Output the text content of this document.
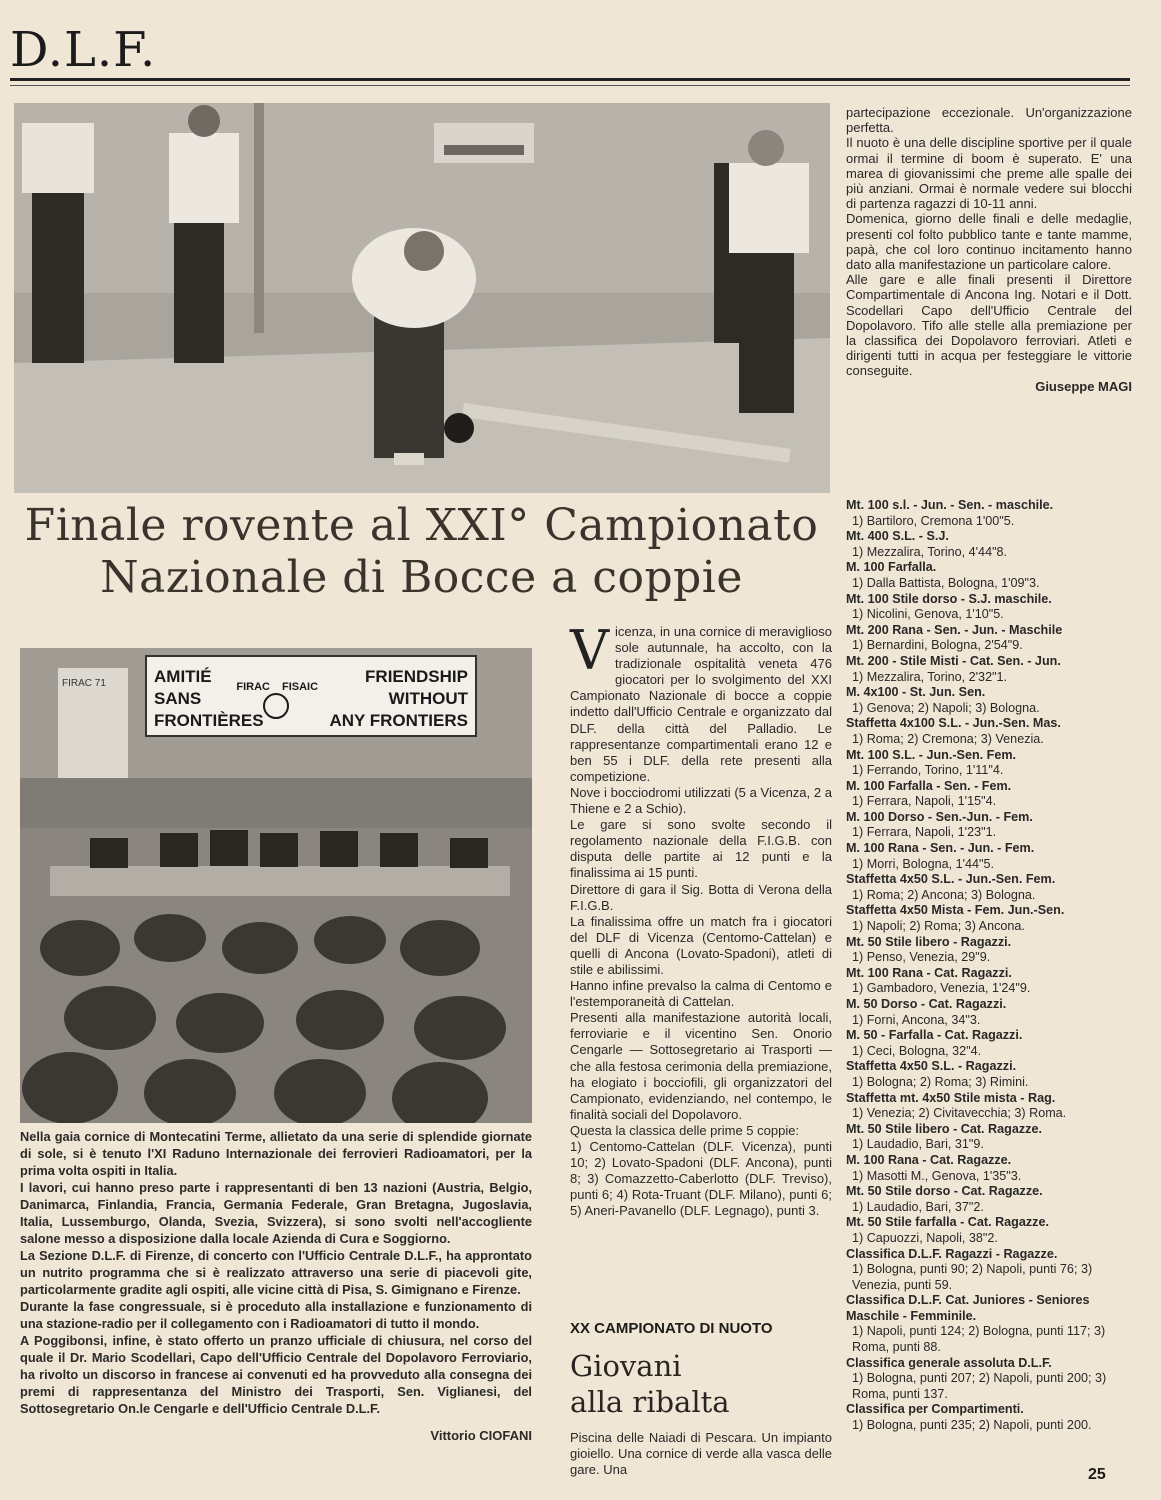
D.L.F.
Finale rovente al XXI° Campionato
Nazionale di Bocce a coppie
AMITIÉ
SANS
FRONTIÈRES
FRIENDSHIP
WITHOUT
ANY FRONTIERS
FIRAC FISAIC
FIRAC 71

Nella gaia cornice di Montecatini Terme, allietato da una serie di splendide giornate di sole, si è tenuto l'XI Raduno Internazionale dei ferrovieri Radioamatori, per la prima volta ospiti in Italia.

I lavori, cui hanno preso parte i rappresentanti di ben 13 nazioni (Austria, Belgio, Danimarca, Finlandia, Francia, Germania Federale, Gran Bretagna, Jugoslavia, Italia, Lussemburgo, Olanda, Svezia, Svizzera), si sono svolti nell'accogliente salone messo a disposizione dalla locale Azienda di Cura e Soggiorno.

La Sezione D.L.F. di Firenze, di concerto con l'Ufficio Centrale D.L.F., ha approntato un nutrito programma che si è realizzato attraverso una serie di piacevoli gite, particolarmente gradite agli ospiti, alle vicine città di Pisa, S. Gimignano e Firenze.

Durante la fase congressuale, si è proceduto alla installazione e funzionamento di una stazione-radio per il collegamento con i Radioamatori di tutto il mondo.

A Poggibonsi, infine, è stato offerto un pranzo ufficiale di chiusura, nel corso del quale il Dr. Mario Scodellari, Capo dell'Ufficio Centrale del Dopolavoro Ferroviario, ha rivolto un discorso in francese ai convenuti ed ha provveduto alla consegna dei premi di rappresentanza del Ministro dei Trasporti, Sen. Viglianesi, del Sottosegretario On.le Cengarle e dell'Ufficio Centrale D.L.F.

Vittorio CIOFANI

V icenza, in una cornice di meraviglioso sole autunnale, ha accolto, con la tradizionale ospitalità veneta 476 giocatori per lo svolgimento del XXI Campionato Nazionale di bocce a coppie indetto dall'Ufficio Centrale e organizzato dal DLF. della città del Palladio. Le rappresentanze compartimentali erano 12 e ben 55 i DLF. della rete presenti alla competizione.

Nove i bocciodromi utilizzati (5 a Vicenza, 2 a Thiene e 2 a Schio).

Le gare si sono svolte secondo il regolamento nazionale della F.I.G.B. con disputa delle partite ai 12 punti e la finalissima ai 15 punti.

Direttore di gara il Sig. Botta di Verona della F.I.G.B.

La finalissima offre un match fra i giocatori del DLF di Vicenza (Centomo-Cattelan) e quelli di Ancona (Lovato-Spadoni), atleti di stile e abilissimi.

Hanno infine prevalso la calma di Centomo e l'estemporaneità di Cattelan.

Presenti alla manifestazione autorità locali, ferroviarie e il vicentino Sen. Onorio Cengarle — Sottosegretario ai Trasporti — che alla festosa cerimonia della premiazione, ha elogiato i bocciofili, gli organizzatori del Campionato, evidenziando, nel contempo, le finalità sociali del Dopolavoro.

Questa la classica delle prime 5 coppie:

1) Centomo-Cattelan (DLF. Vicenza), punti 10; 2) Lovato-Spadoni (DLF. Ancona), punti 8; 3) Comazzetto-Caberlotto (DLF. Treviso), punti 6; 4) Rota-Truant (DLF. Milano), punti 6; 5) Aneri-Pavanello (DLF. Legnago), punti 3.

XX CAMPIONATO DI NUOTO
Giovani
alla ribalta
Piscina delle Naiadi di Pescara. Un impianto gioiello. Una cornice di verde alla vasca delle gare. Una

partecipazione eccezionale. Un'organizzazione perfetta.

Il nuoto è una delle discipline sportive per il quale ormai il termine di boom è superato. E' una marea di giovanissimi che preme alle spalle dei più anziani. Ormai è normale vedere sui blocchi di partenza ragazzi di 10-11 anni.

Domenica, giorno delle finali e delle medaglie, presenti col folto pubblico tante e tante mamme, papà, che col loro continuo incitamento hanno dato alla manifestazione un particolare calore.

Alle gare e alle finali presenti il Direttore Compartimentale di Ancona Ing. Notari e il Dott. Scodellari Capo dell'Ufficio Centrale del Dopolavoro. Tifo alle stelle alla premiazione per la classifica dei Dopolavoro ferroviari. Atleti e dirigenti tutti in acqua per festeggiare le vittorie conseguite.

Giuseppe MAGI

Mt. 100 s.l. - Jun. - Sen. - maschile.
1) Bartiloro, Cremona 1'00"5.
Mt. 400 S.L. - S.J.
1) Mezzalira, Torino, 4'44"8.
M. 100 Farfalla.
1) Dalla Battista, Bologna, 1'09"3.
Mt. 100 Stile dorso - S.J. maschile.
1) Nicolini, Genova, 1'10"5.
Mt. 200 Rana - Sen. - Jun. - Maschile
1) Bernardini, Bologna, 2'54"9.
Mt. 200 - Stile Misti - Cat. Sen. - Jun.
1) Mezzalira, Torino, 2'32"1.
M. 4x100 - St. Jun. Sen.
1) Genova; 2) Napoli; 3) Bologna.
Staffetta 4x100 S.L. - Jun.-Sen. Mas.
1) Roma; 2) Cremona; 3) Venezia.
Mt. 100 S.L. - Jun.-Sen. Fem.
1) Ferrando, Torino, 1'11"4.
M. 100 Farfalla - Sen. - Fem.
1) Ferrara, Napoli, 1'15"4.
M. 100 Dorso - Sen.-Jun. - Fem.
1) Ferrara, Napoli, 1'23"1.
M. 100 Rana - Sen. - Jun. - Fem.
1) Morri, Bologna, 1'44"5.
Staffetta 4x50 S.L. - Jun.-Sen. Fem.
1) Roma; 2) Ancona; 3) Bologna.
Staffetta 4x50 Mista - Fem. Jun.-Sen.
1) Napoli; 2) Roma; 3) Ancona.
Mt. 50 Stile libero - Ragazzi.
1) Penso, Venezia, 29"9.
Mt. 100 Rana - Cat. Ragazzi.
1) Gambadoro, Venezia, 1'24"9.
M. 50 Dorso - Cat. Ragazzi.
1) Forni, Ancona, 34"3.
M. 50 - Farfalla - Cat. Ragazzi.
1) Ceci, Bologna, 32"4.
Staffetta 4x50 S.L. - Ragazzi.
1) Bologna; 2) Roma; 3) Rimini.
Staffetta mt. 4x50 Stile mista - Rag.
1) Venezia; 2) Civitavecchia; 3) Roma.
Mt. 50 Stile libero - Cat. Ragazze.
1) Laudadio, Bari, 31"9.
M. 100 Rana - Cat. Ragazze.
1) Masotti M., Genova, 1'35"3.
Mt. 50 Stile dorso - Cat. Ragazze.
1) Laudadio, Bari, 37"2.
Mt. 50 Stile farfalla - Cat. Ragazze.
1) Capuozzi, Napoli, 38"2.
Classifica D.L.F. Ragazzi - Ragazze.
1) Bologna, punti 90; 2) Napoli, punti 76; 3) Venezia, punti 59.
Classifica D.L.F. Cat. Juniores - Seniores Maschile - Femminile.
1) Napoli, punti 124; 2) Bologna, punti 117; 3) Roma, punti 88.
Classifica generale assoluta D.L.F.
1) Bologna, punti 207; 2) Napoli, punti 200; 3) Roma, punti 137.
Classifica per Compartimenti.
1) Bologna, punti 235; 2) Napoli, punti 200.
25
